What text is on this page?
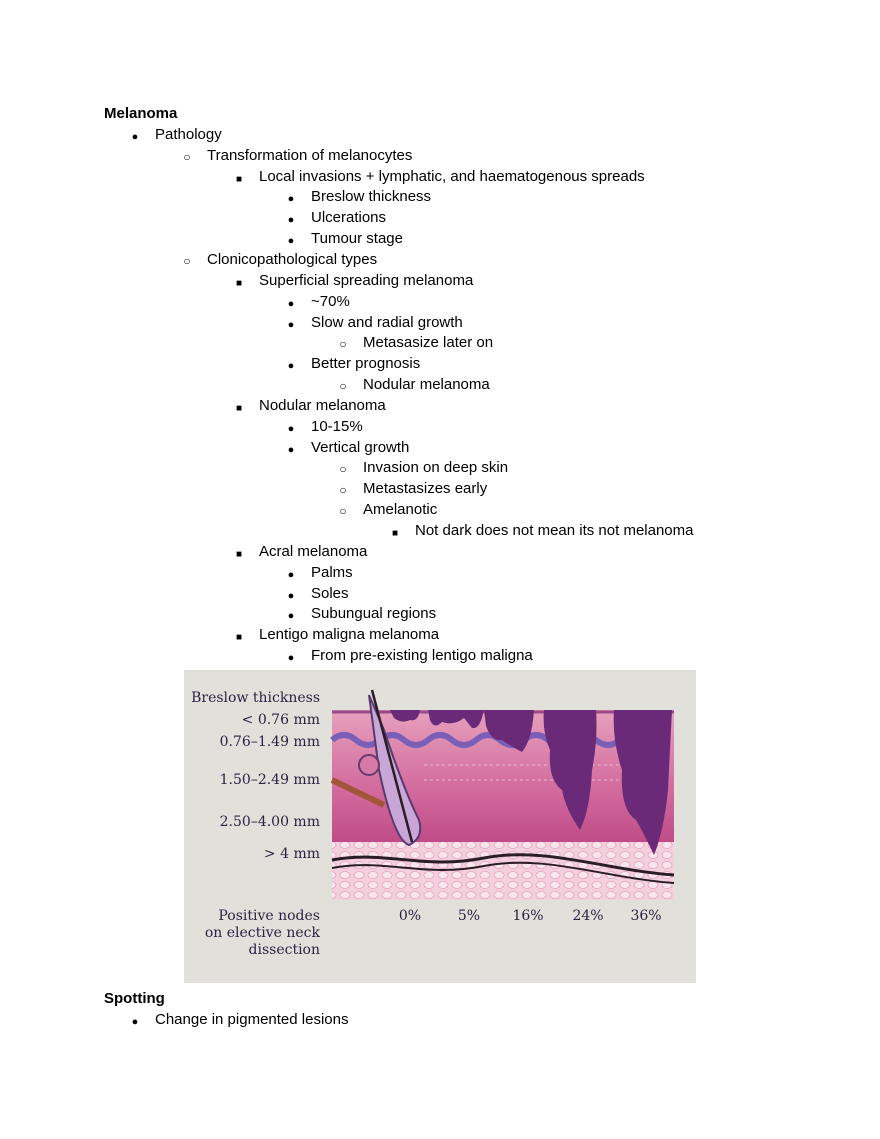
Melanoma
●
Pathology
○
Transformation of melanocytes
■
Local invasions + lymphatic, and haematogenous spreads
●
Breslow thickness
●
Ulcerations
●
Tumour stage
○
Clonicopathological types
■
Superficial spreading melanoma
●
~70%
●
Slow and radial growth
○
Metasasize later on
●
Better prognosis
○
Nodular melanoma
■
Nodular melanoma
●
10-15%
●
Vertical growth
○
Invasion on deep skin
○
Metastasizes early
○
Amelanotic
■
Not dark does not mean its not melanoma
■
Acral melanoma
●
Palms
●
Soles
●
Subungual regions
■
Lentigo maligna melanoma
●
From pre-existing lentigo maligna
Spotting
●
Change in pigmented lesions
Breslow thickness
< 0.76 mm
0.76–1.49 mm
1.50–2.49 mm
2.50–4.00 mm
> 4 mm
Positive nodes
on elective neck
dissection
0%	5%	16%	24%	36%
